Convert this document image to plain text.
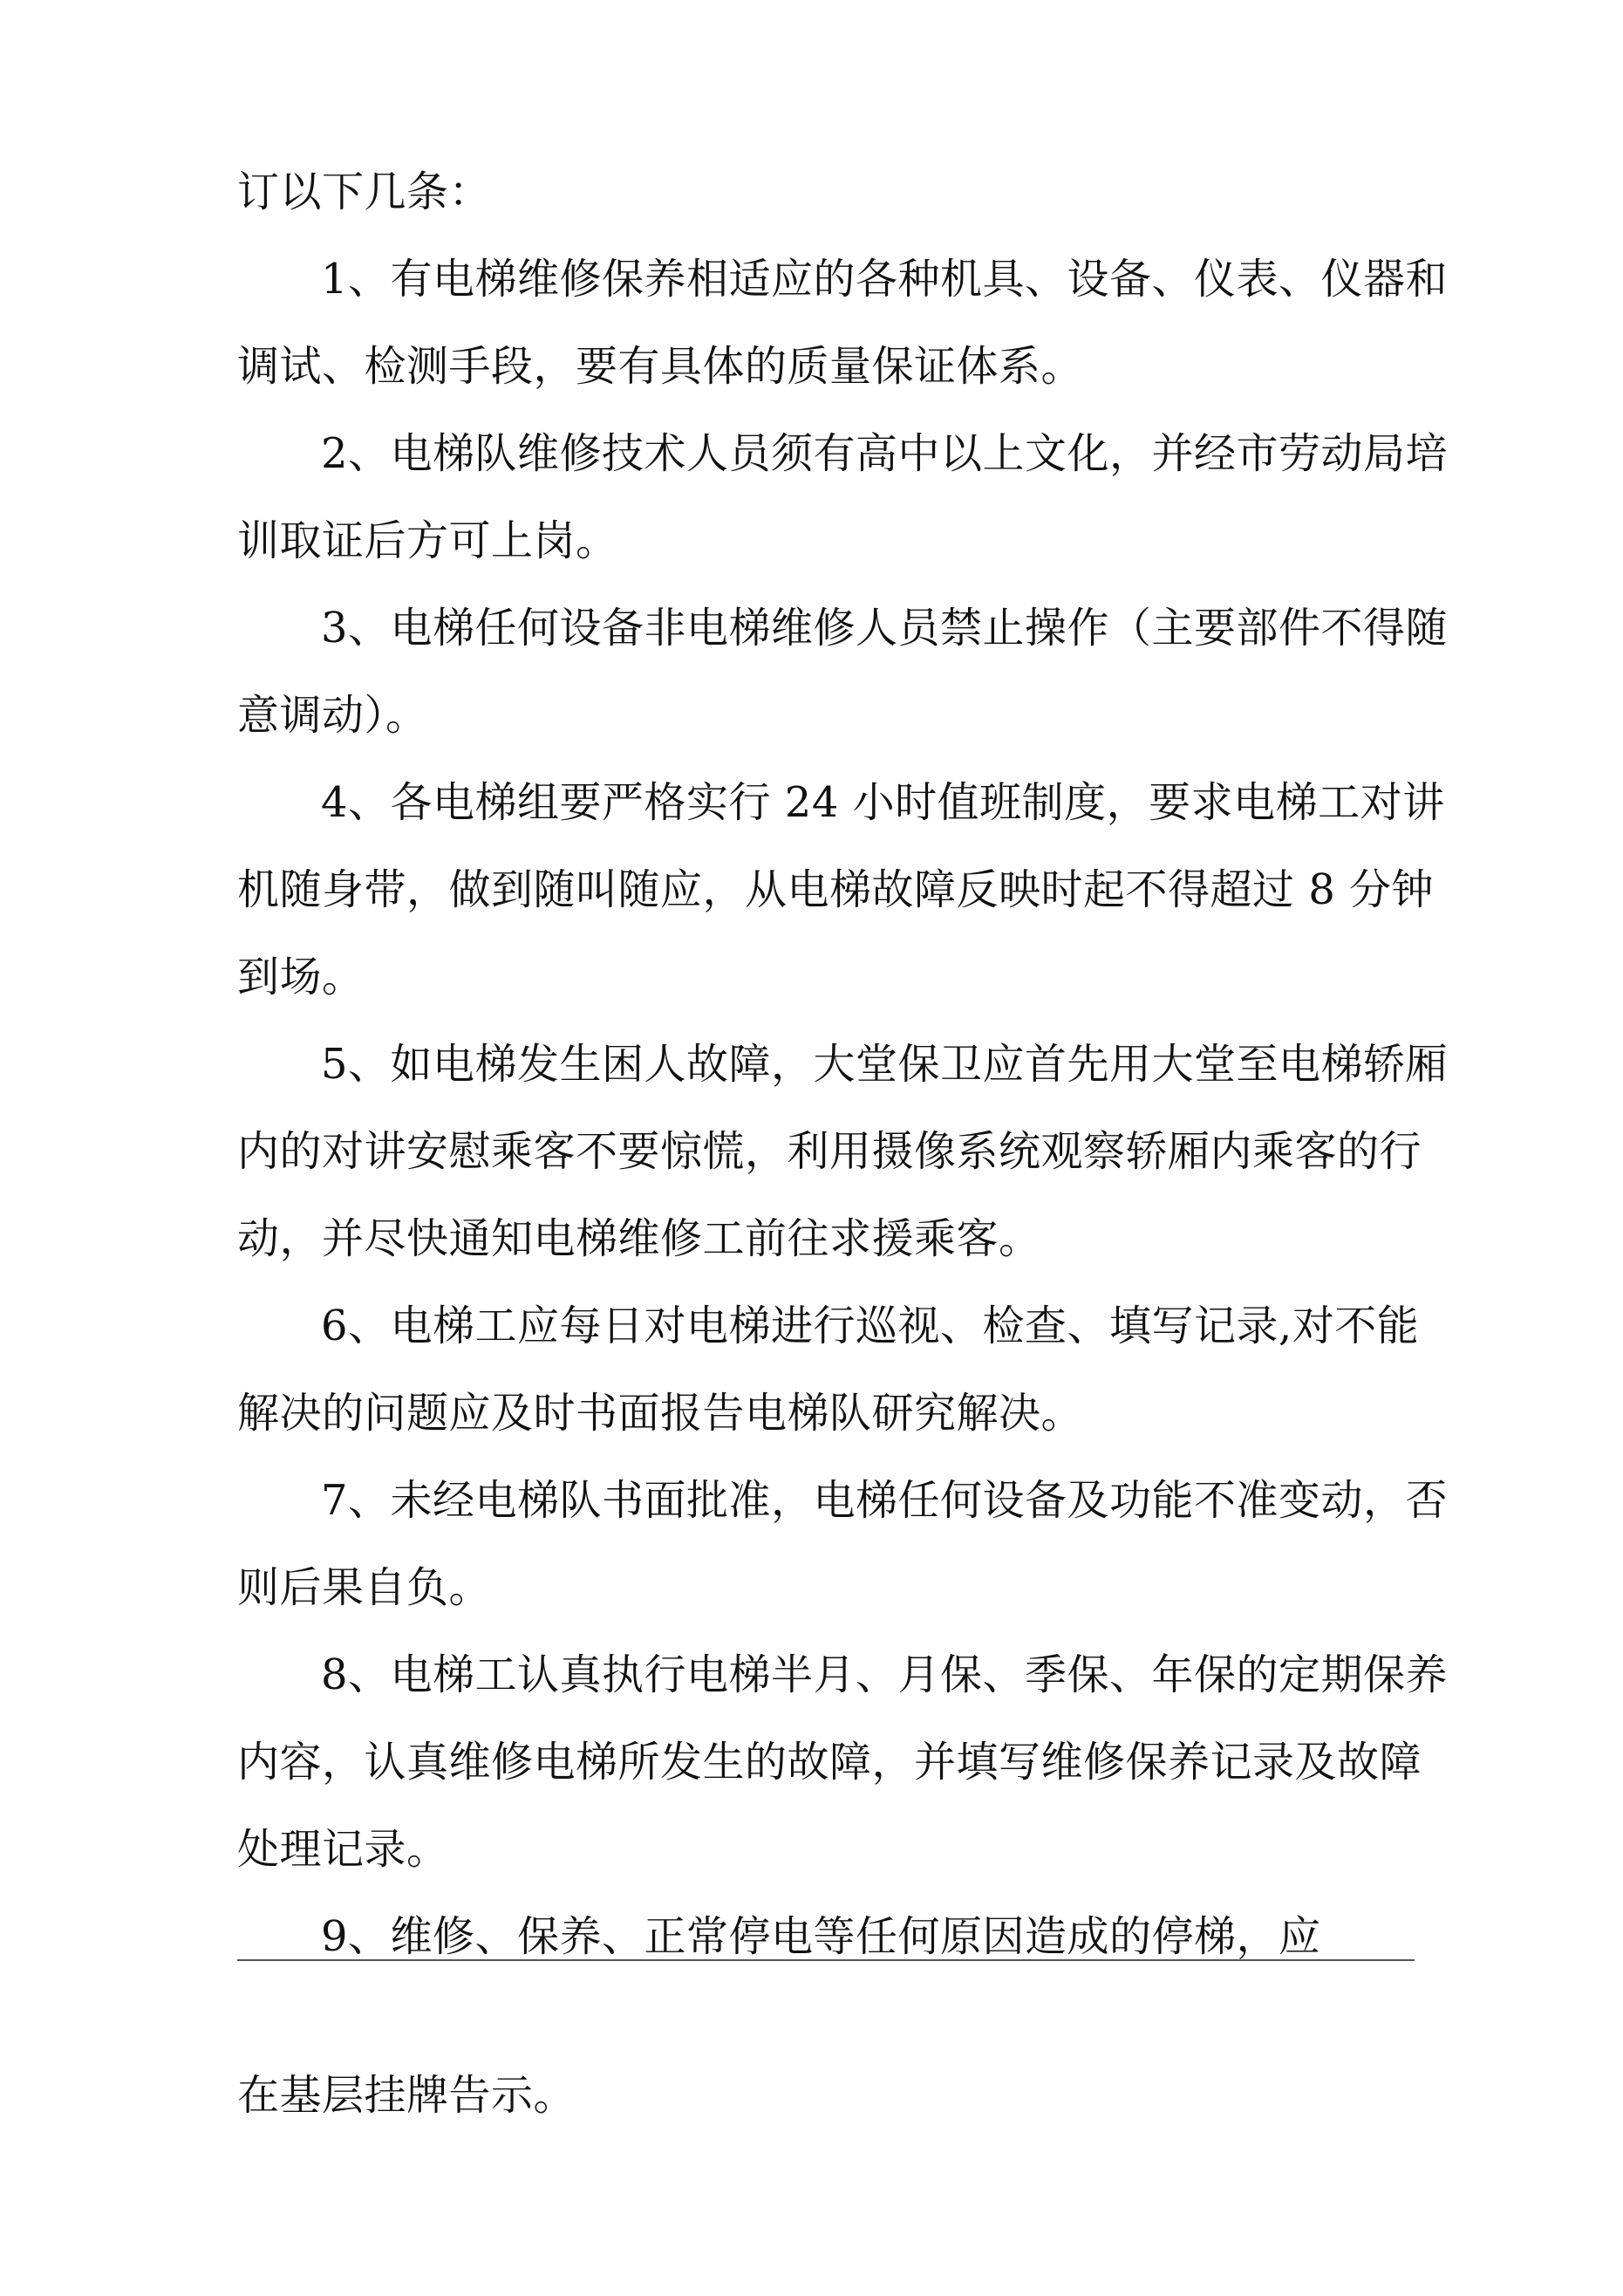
订以下几条：
1、有电梯维修保养相适应的各种机具、设备、仪表、仪器和
调试、检测手段，要有具体的质量保证体系。
2、电梯队维修技术人员须有高中以上文化，并经市劳动局培
训取证后方可上岗。
3、电梯任何设备非电梯维修人员禁止操作（主要部件不得随
意调动）。
4、各电梯组要严格实行 24 小时值班制度，要求电梯工对讲
机随身带，做到随叫随应，从电梯故障反映时起不得超过 8 分钟
到场。
5、如电梯发生困人故障，大堂保卫应首先用大堂至电梯轿厢
内的对讲安慰乘客不要惊慌，利用摄像系统观察轿厢内乘客的行
动，并尽快通知电梯维修工前往求援乘客。
6、电梯工应每日对电梯进行巡视、检查、填写记录,对不能
解决的问题应及时书面报告电梯队研究解决。
7、未经电梯队书面批准，电梯任何设备及功能不准变动，否
则后果自负。
8、电梯工认真执行电梯半月、月保、季保、年保的定期保养
内容，认真维修电梯所发生的故障，并填写维修保养记录及故障
处理记录。
9、维修、保养、正常停电等任何原因造成的停梯，应
在基层挂牌告示。
